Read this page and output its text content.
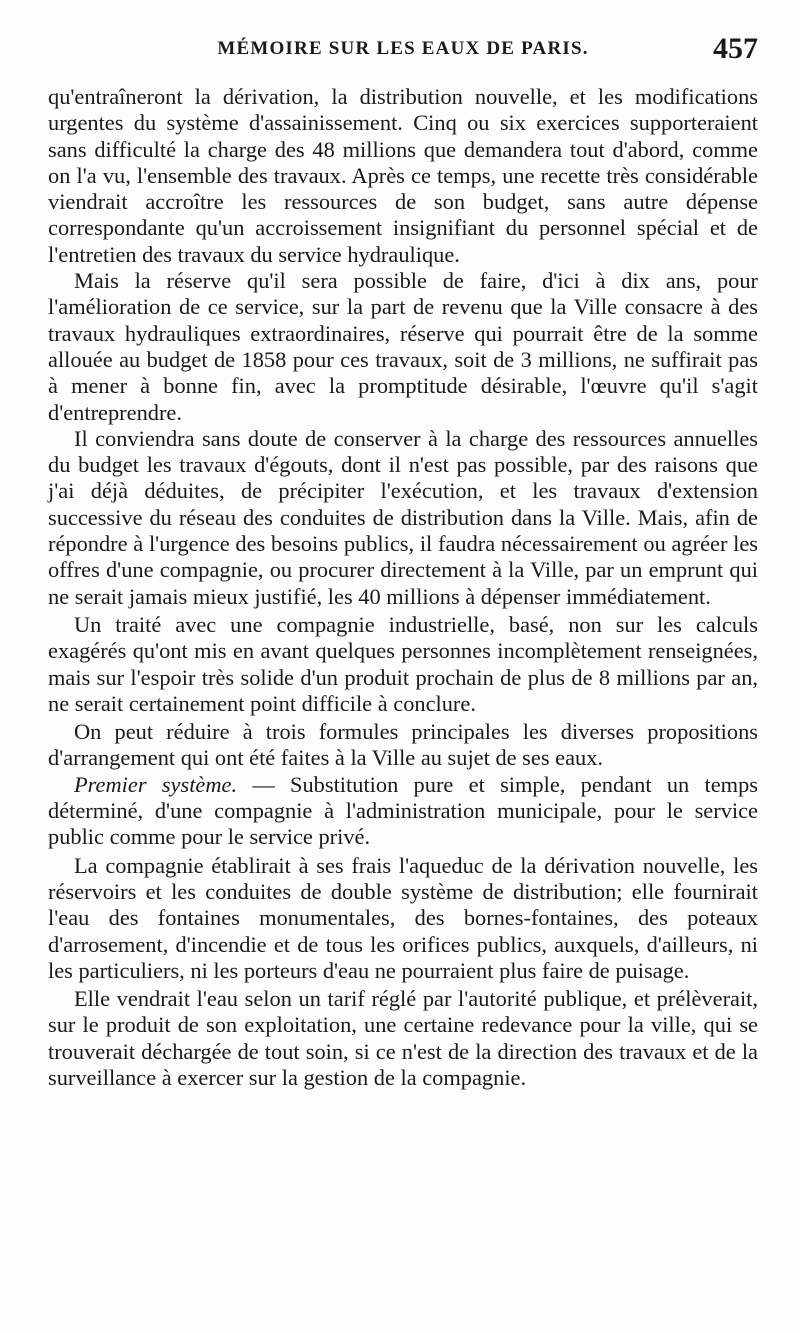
MÉMOIRE SUR LES EAUX DE PARIS.	457

qu'entraîneront la dérivation, la distribution nouvelle, et les modifications urgentes du système d'assainissement. Cinq ou six exercices supporteraient sans difficulté la charge des 48 millions que demandera tout d'abord, comme on l'a vu, l'ensemble des travaux. Après ce temps, une recette très considérable viendrait accroître les ressources de son budget, sans autre dépense correspondante qu'un accroissement insignifiant du personnel spécial et de l'entretien des travaux du service hydraulique.

Mais la réserve qu'il sera possible de faire, d'ici à dix ans, pour l'amélioration de ce service, sur la part de revenu que la Ville consacre à des travaux hydrauliques extraordinaires, réserve qui pourrait être de la somme allouée au budget de 1858 pour ces travaux, soit de 3 millions, ne suffirait pas à mener à bonne fin, avec la promptitude désirable, l'œuvre qu'il s'agit d'entreprendre.

Il conviendra sans doute de conserver à la charge des ressources annuelles du budget les travaux d'égouts, dont il n'est pas possible, par des raisons que j'ai déjà déduites, de précipiter l'exécution, et les travaux d'extension successive du réseau des conduites de distribution dans la Ville. Mais, afin de répondre à l'urgence des besoins publics, il faudra nécessairement ou agréer les offres d'une compagnie, ou procurer directement à la Ville, par un emprunt qui ne serait jamais mieux justifié, les 40 millions à dépenser immédiatement.

Un traité avec une compagnie industrielle, basé, non sur les calculs exagérés qu'ont mis en avant quelques personnes incomplètement renseignées, mais sur l'espoir très solide d'un produit prochain de plus de 8 millions par an, ne serait certainement point difficile à conclure.

On peut réduire à trois formules principales les diverses propositions d'arrangement qui ont été faites à la Ville au sujet de ses eaux.

Premier système. — Substitution pure et simple, pendant un temps déterminé, d'une compagnie à l'administration municipale, pour le service public comme pour le service privé.

La compagnie établirait à ses frais l'aqueduc de la dérivation nouvelle, les réservoirs et les conduites de double système de distribution; elle fournirait l'eau des fontaines monumentales, des bornes-fontaines, des poteaux d'arrosement, d'incendie et de tous les orifices publics, auxquels, d'ailleurs, ni les particuliers, ni les porteurs d'eau ne pourraient plus faire de puisage.

Elle vendrait l'eau selon un tarif réglé par l'autorité publique, et prélèverait, sur le produit de son exploitation, une certaine redevance pour la ville, qui se trouverait déchargée de tout soin, si ce n'est de la direction des travaux et de la surveillance à exercer sur la gestion de la compagnie.
